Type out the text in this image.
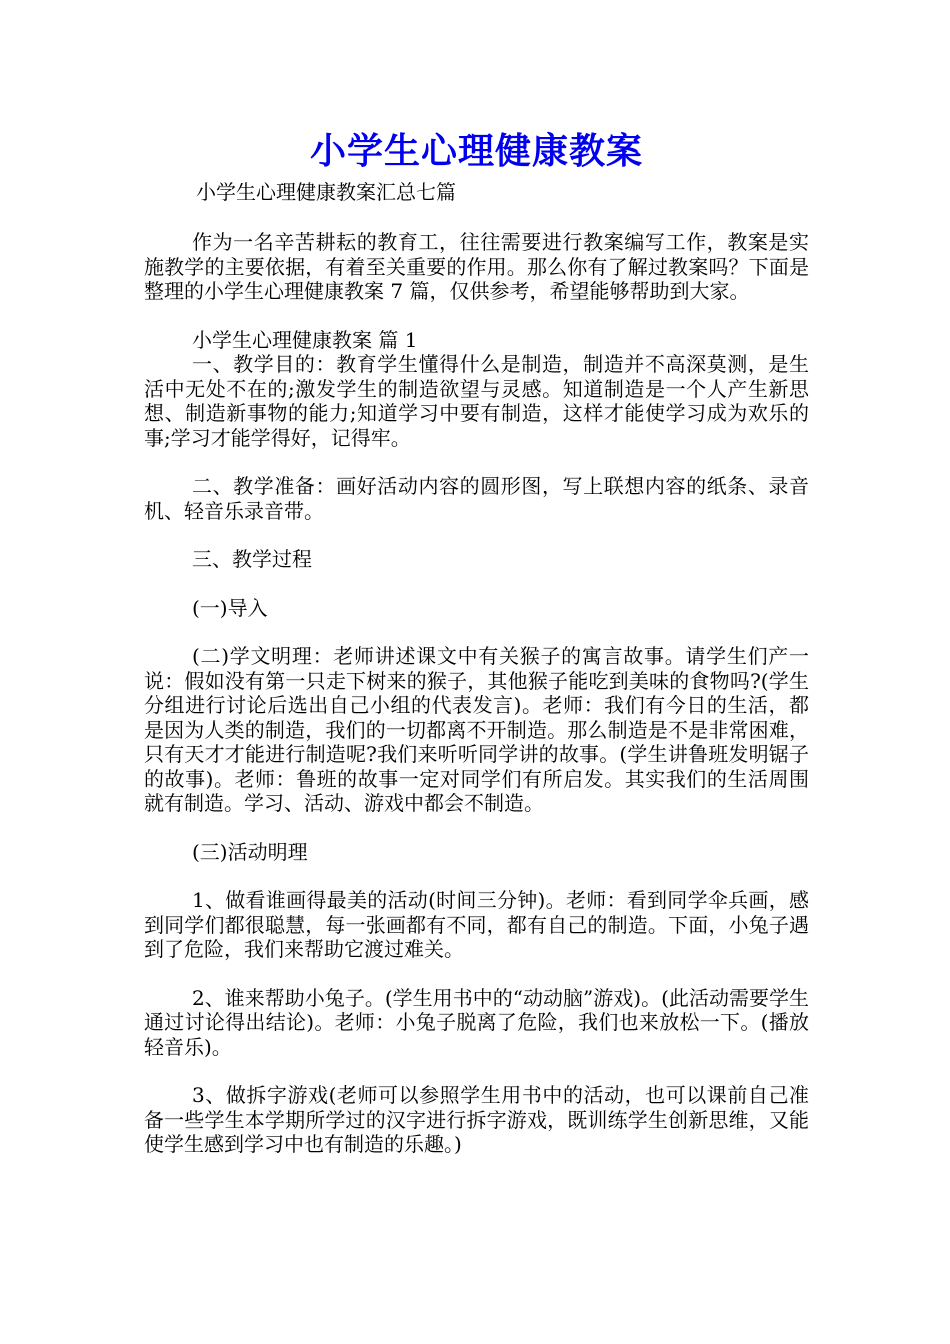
小学生心理健康教案
小学生心理健康教案汇总七篇

作为一名辛苦耕耘的教育工，往往需要进行教案编写工作，教案是实施教学的主要依据，有着至关重要的作用。那么你有了解过教案吗？下面是整理的小学生心理健康教案 7 篇，仅供参考，希望能够帮助到大家。

小学生心理健康教案 篇 1

一、教学目的：教育学生懂得什么是制造，制造并不高深莫测，是生活中无处不在的;激发学生的制造欲望与灵感。知道制造是一个人产生新思想、制造新事物的能力;知道学习中要有制造，这样才能使学习成为欢乐的事;学习才能学得好，记得牢。

二、教学准备：画好活动内容的圆形图，写上联想内容的纸条、录音机、轻音乐录音带。

三、教学过程

(一)导入

(二)学文明理：老师讲述课文中有关猴子的寓言故事。请学生们产一说：假如没有第一只走下树来的猴子，其他猴子能吃到美味的食物吗?(学生分组进行讨论后选出自己小组的代表发言)。老师：我们有今日的生活，都是因为人类的制造，我们的一切都离不开制造。那么制造是不是非常困难，只有天才才能进行制造呢?我们来听听同学讲的故事。(学生讲鲁班发明锯子的故事)。老师：鲁班的故事一定对同学们有所启发。其实我们的生活周围就有制造。学习、活动、游戏中都会不制造。

(三)活动明理

1、做看谁画得最美的活动(时间三分钟)。老师：看到同学伞兵画，感到同学们都很聪慧，每一张画都有不同，都有自己的制造。下面，小兔子遇到了危险，我们来帮助它渡过难关。

2、谁来帮助小兔子。(学生用书中的“动动脑”游戏)。(此活动需要学生通过讨论得出结论)。老师：小兔子脱离了危险，我们也来放松一下。(播放轻音乐)。

3、做拆字游戏(老师可以参照学生用书中的活动，也可以课前自己准备一些学生本学期所学过的汉字进行拆字游戏，既训练学生创新思维，又能使学生感到学习中也有制造的乐趣。)
